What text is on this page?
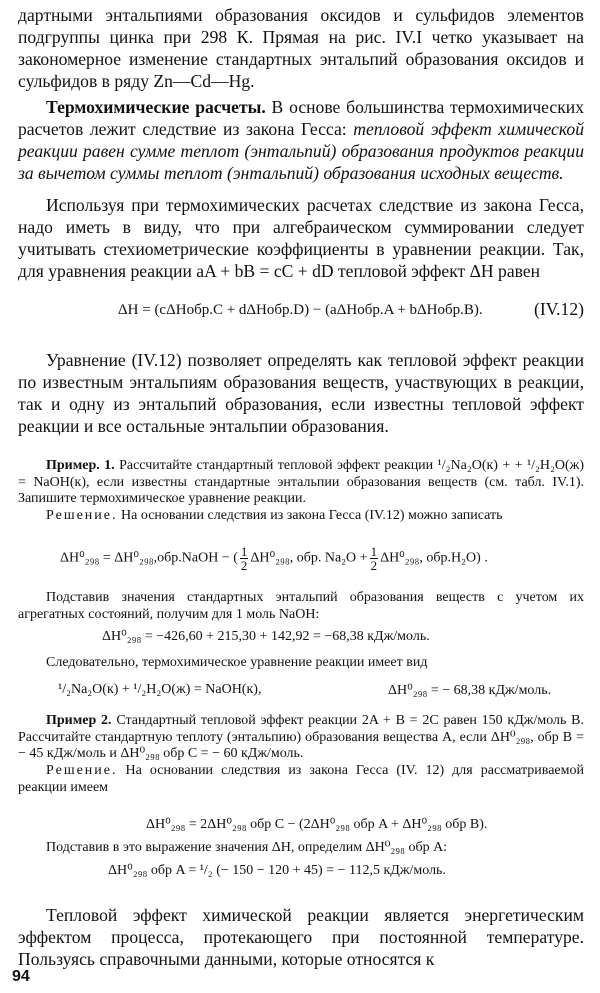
дартными энтальпиями образования оксидов и сульфидов элементов подгруппы цинка при 298 К. Прямая на рис. IV.I четко указывает на закономерное изменение стандартных энтальпий образования оксидов и сульфидов в ряду Zn—Cd—Hg.

Термохимические расчеты. В основе большинства термохимических расчетов лежит следствие из закона Гесса: тепловой эффект химической реакции равен сумме теплот (энтальпий) образования продуктов реакции за вычетом суммы теплот (энтальпий) образования исходных веществ.

Используя при термохимических расчетах следствие из закона Гесса, надо иметь в виду, что при алгебраическом суммировании следует учитывать стехиометрические коэффициенты в уравнении реакции. Так, для уравнения реакции aA + bB = cC + dD тепловой эффект ΔH равен

ΔH = (cΔHобр.C + dΔHобр.D) − (aΔHобр.A + bΔHобр.B).	(IV.12)

Уравнение (IV.12) позволяет определять как тепловой эффект реакции по известным энтальпиям образования веществ, участвующих в реакции, так и одну из энтальпий образования, если известны тепловой эффект реакции и все остальные энтальпии образования.

Пример. 1. Рассчитайте стандартный тепловой эффект реакции ¹/₂Na₂O(к) + + ¹/₂H₂O(ж) = NaOH(к), если известны стандартные энтальпии образования веществ (см. табл. IV.1). Запишите термохимическое уравнение реакции.

Решение. На основании следствия из закона Гесса (IV.12) можно записать

ΔH⁰₂₉₈ = ΔH⁰₂₉₈,обр.NaOH − ( $\frac{1}{2} \Delta H^0_{298}$, обр. $Na_2O + \frac{1}{2} \Delta H^0_{298}$, обр.H₂O) .

Подставив значения стандартных энтальпий образования веществ с учетом их агрегатных состояний, получим для 1 моль NaOH:

ΔH⁰₂₉₈ = −426,60 + 215,30 + 142,92 = −68,38 кДж/моль.

Следовательно, термохимическое уравнение реакции имеет вид

¹/₂Na₂O(к) + ¹/₂H₂O(ж) = NaOH(к),	ΔH⁰₂₉₈ = − 68,38 кДж/моль.

Пример 2. Стандартный тепловой эффект реакции 2A + B = 2C равен 150 кДж/моль B. Рассчитайте стандартную теплоту (энтальпию) образования вещества А, если ΔH⁰₂₉₈, обр B = − 45 кДж/моль и ΔH⁰₂₉₈ обр C = − 60 кДж/моль.

Решение. На основании следствия из закона Гесса (IV. 12) для рассматриваемой реакции имеем

ΔH⁰₂₉₈ = 2ΔH⁰₂₉₈ обр C − (2ΔH⁰₂₉₈ обр A + ΔH⁰₂₉₈ обр B).

Подставив в это выражение значения ΔH, определим ΔH⁰₂₉₈ обр A:

ΔH⁰₂₉₈ обр A = ¹/₂ (− 150 − 120 + 45) = − 112,5 кДж/моль.

Тепловой эффект химической реакции является энергетическим эффектом процесса, протекающего при постоянной температуре. Пользуясь справочными данными, которые относятся к

94
